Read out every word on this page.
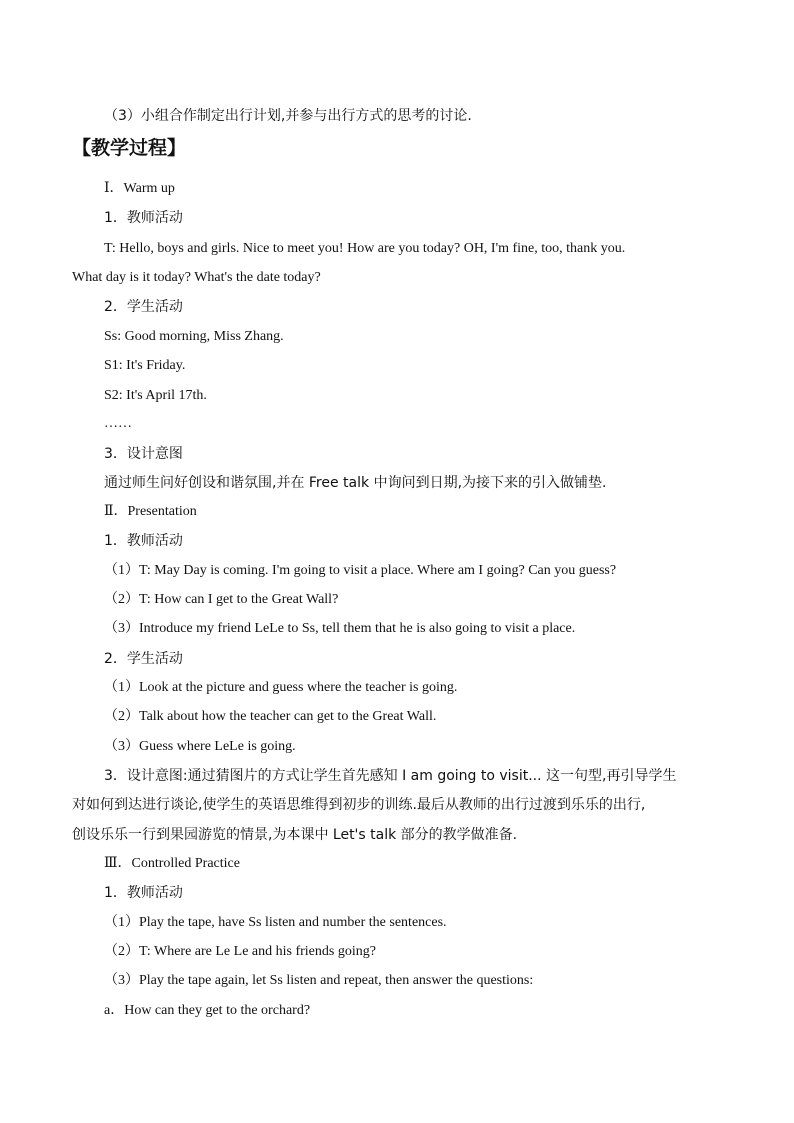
（3）小组合作制定出行计划,并参与出行方式的思考的讨论.
【教学过程】
Ⅰ．Warm up
1．教师活动
T: Hello, boys and girls. Nice to meet you! How are you today? OH, I'm fine, too, thank you.
What day is it today? What's the date today?
2．学生活动
Ss: Good morning, Miss Zhang.
S1: It's Friday.
S2: It's April 17th.
……
3．设计意图
通过师生问好创设和谐氛围,并在 Free talk 中询问到日期,为接下来的引入做铺垫.
Ⅱ．Presentation
1．教师活动
（1）T: May Day is coming. I'm going to visit a place. Where am I going? Can you guess?
（2）T: How can I get to the Great Wall?
（3）Introduce my friend LeLe to Ss, tell them that he is also going to visit a place.
2．学生活动
（1）Look at the picture and guess where the teacher is going.
（2）Talk about how the teacher can get to the Great Wall.
（3）Guess where LeLe is going.
3．设计意图:通过猜图片的方式让学生首先感知 I am going to visit... 这一句型,再引导学生
对如何到达进行谈论,使学生的英语思维得到初步的训练.最后从教师的出行过渡到乐乐的出行,
创设乐乐一行到果园游览的情景,为本课中 Let's talk 部分的教学做准备.
Ⅲ．Controlled Practice
1．教师活动
（1）Play the tape, have Ss listen and number the sentences.
（2）T: Where are Le Le and his friends going?
（3）Play the tape again, let Ss listen and repeat, then answer the questions:
a．How can they get to the orchard?
